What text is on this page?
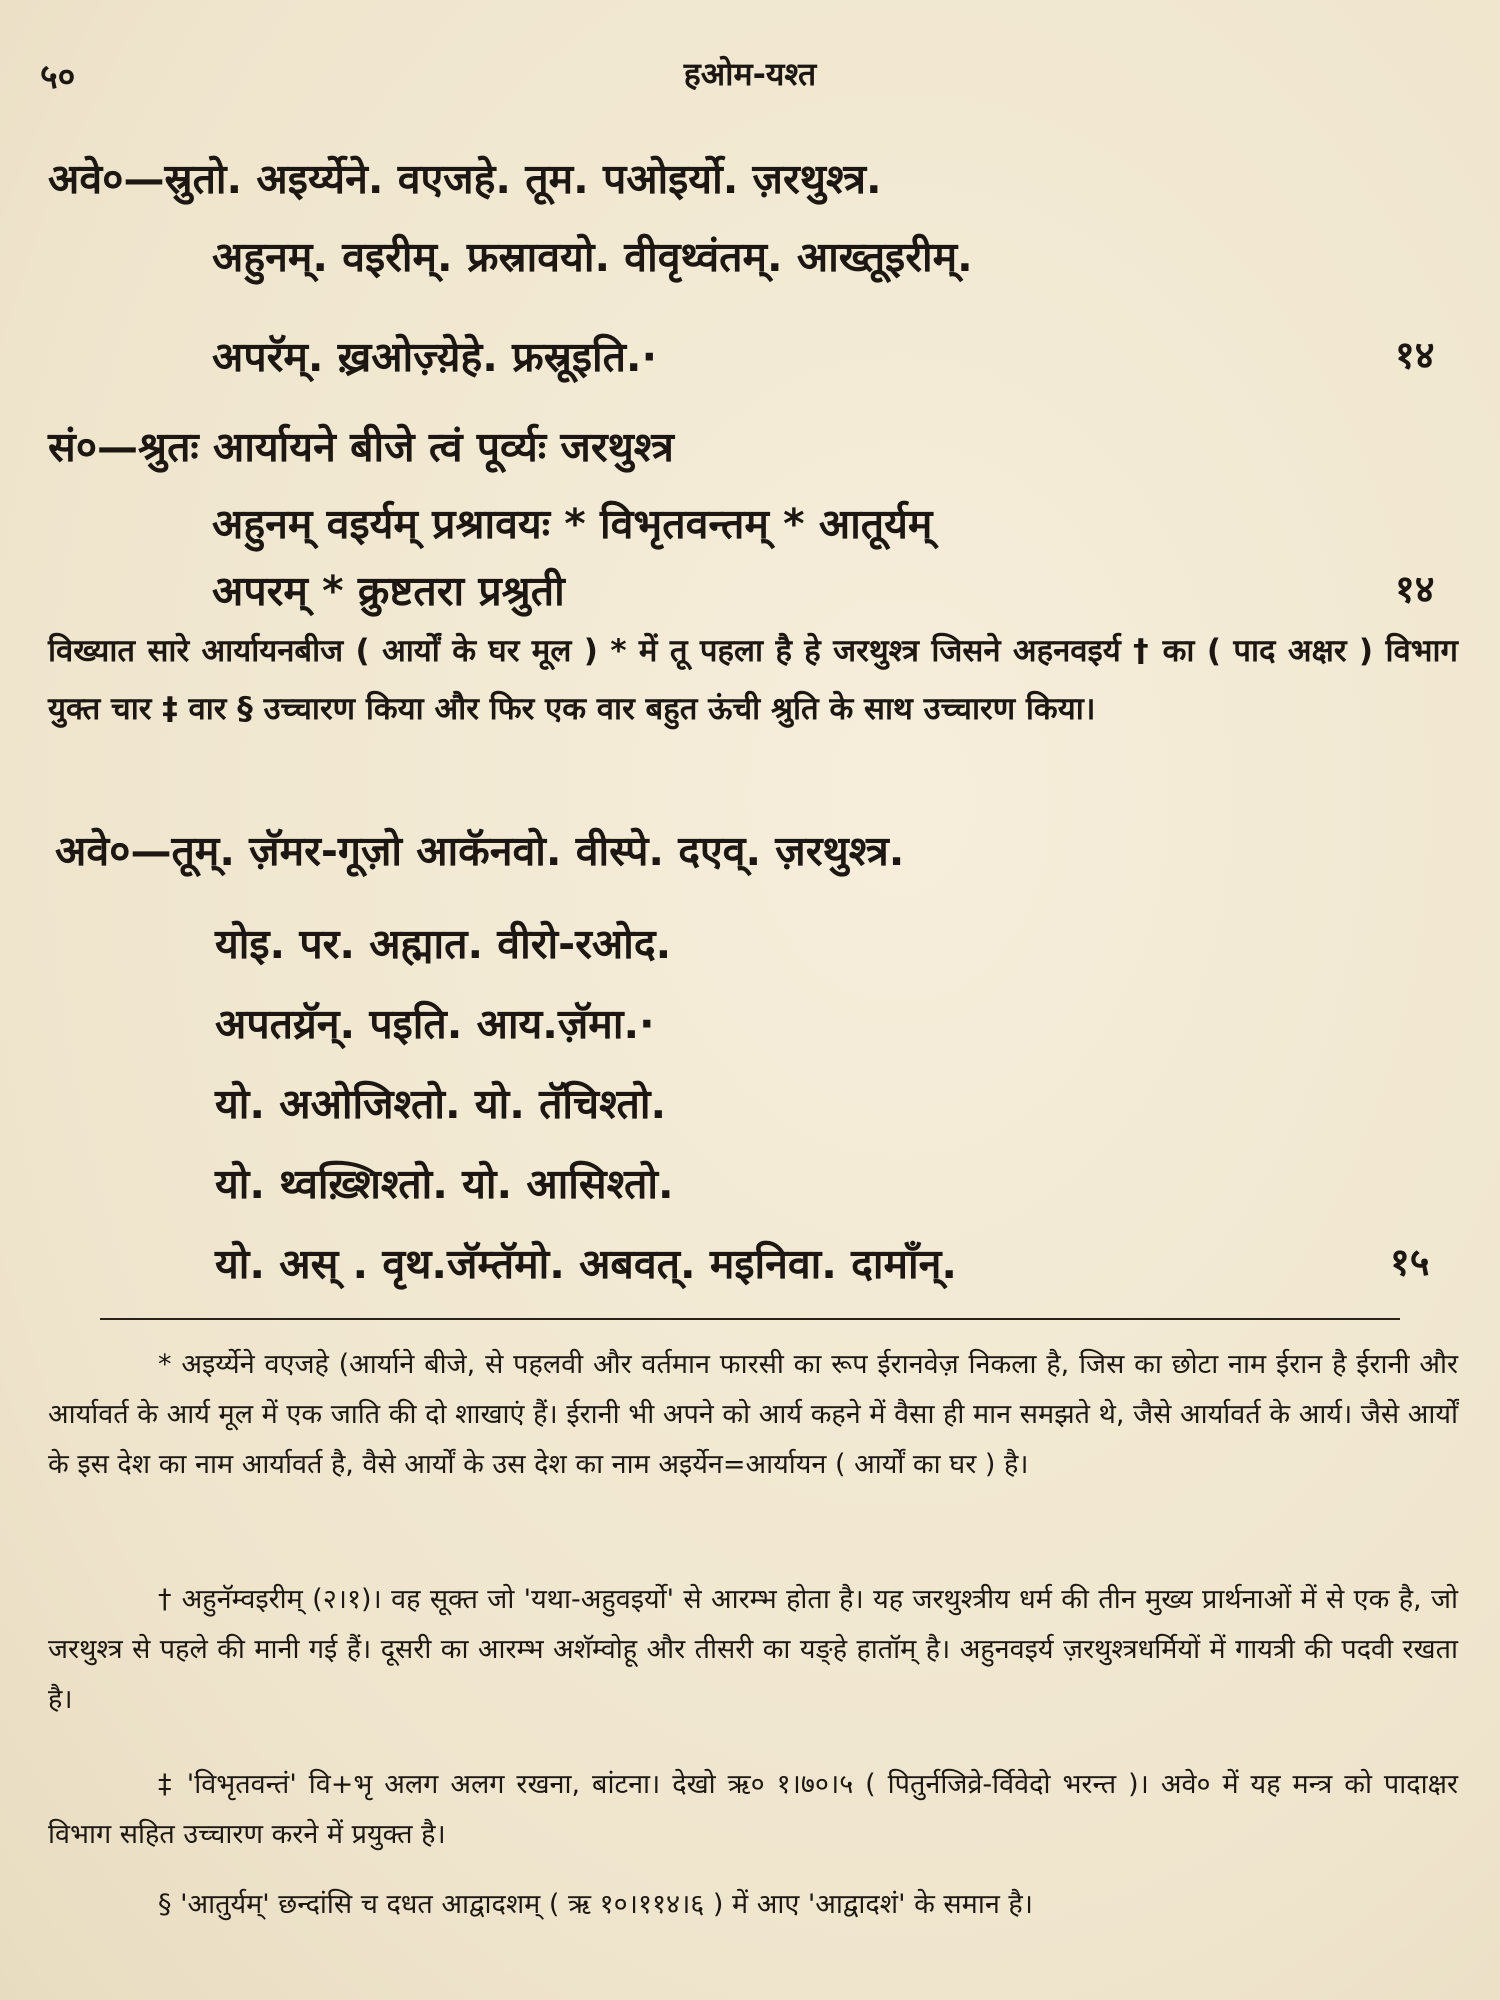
५०	हओम-यश्त
अवे०—स्रुतो. अइर्य्येने. वएजहे. तूम. पओइर्यो. ज़रथुश्त्र.
अहुनम्. वइरीम्. फ्रस्रावयो. वीवृथ्वंतम्. आख्तूइरीम्.
अपरॅम्. ख़्रओज़्य़ेहे. फ्रस्रूइति.·	१४
सं०—श्रुतः आर्यायने बीजे त्वं पूर्व्यः जरथुश्त्र
अहुनम् वइर्यम् प्रश्रावयः * विभृतवन्तम् * आतूर्यम्
अपरम् * क्रुष्टतरा प्रश्रुती	१४
विख्यात सारे आर्यायनबीज ( आर्यों के घर मूल ) * में तू पहला है हे जरथुश्त्र जिसने अहनवइर्य † का ( पाद अक्षर ) विभाग युक्त चार ‡ वार § उच्चारण किया और फिर एक वार बहुत ऊंची श्रुति के साथ उच्चारण किया।
अवे०—तूम्. ज़ॅमर-गूज़ो आकॅनवो. वीस्पे. दएव्. ज़रथुश्त्र.
योइ. पर. अह्मात. वीरो-रओद.
अपतय्रॅन्. पइति. आय.ज़ॅमा.·
यो. अओजिश्तो. यो. तॅचिश्तो.
यो. थ्वख़्शिश्तो. यो. आसिश्तो.
यो. अस् . वृथ.जॅम्तॅमो. अबवत्. मइनिवा. दामाँन्.	१५
* अइर्य्येने वएजहे (आर्याने बीजे, से पहलवी और वर्तमान फारसी का रूप ईरानवेज़ निकला है, जिस का छोटा नाम ईरान है ईरानी और आर्यावर्त के आर्य मूल में एक जाति की दो शाखाएं हैं। ईरानी भी अपने को आर्य कहने में वैसा ही मान समझते थे, जैसे आर्यावर्त के आर्य। जैसे आर्यों के इस देश का नाम आर्यावर्त है, वैसे आर्यों के उस देश का नाम अइर्येन=आर्यायन ( आर्यों का घर ) है।
† अहुनॅम्वइरीम् (२।१)। वह सूक्त जो 'यथा-अहुवइर्यो' से आरम्भ होता है। यह जरथुश्त्रीय धर्म की तीन मुख्य प्रार्थनाओं में से एक है, जो जरथुश्त्र से पहले की मानी गई हैं। दूसरी का आरम्भ अशॅम्वोहू और तीसरी का यङ्हे हातॉम् है। अहुनवइर्य ज़रथुश्त्रधर्मियों में गायत्री की पदवी रखता है।
‡ 'विभृतवन्तं' वि+भृ अलग अलग रखना, बांटना। देखो ऋ० १।७०।५ ( पितुर्नजिव्रे-र्विवेदो भरन्त )। अवे० में यह मन्त्र को पादाक्षर विभाग सहित उच्चारण करने में प्रयुक्त है।
§ 'आतुर्यम्' छन्दांसि च दधत आद्वादशम् ( ऋ १०।११४।६ ) में आए 'आद्वादशं' के समान है।
